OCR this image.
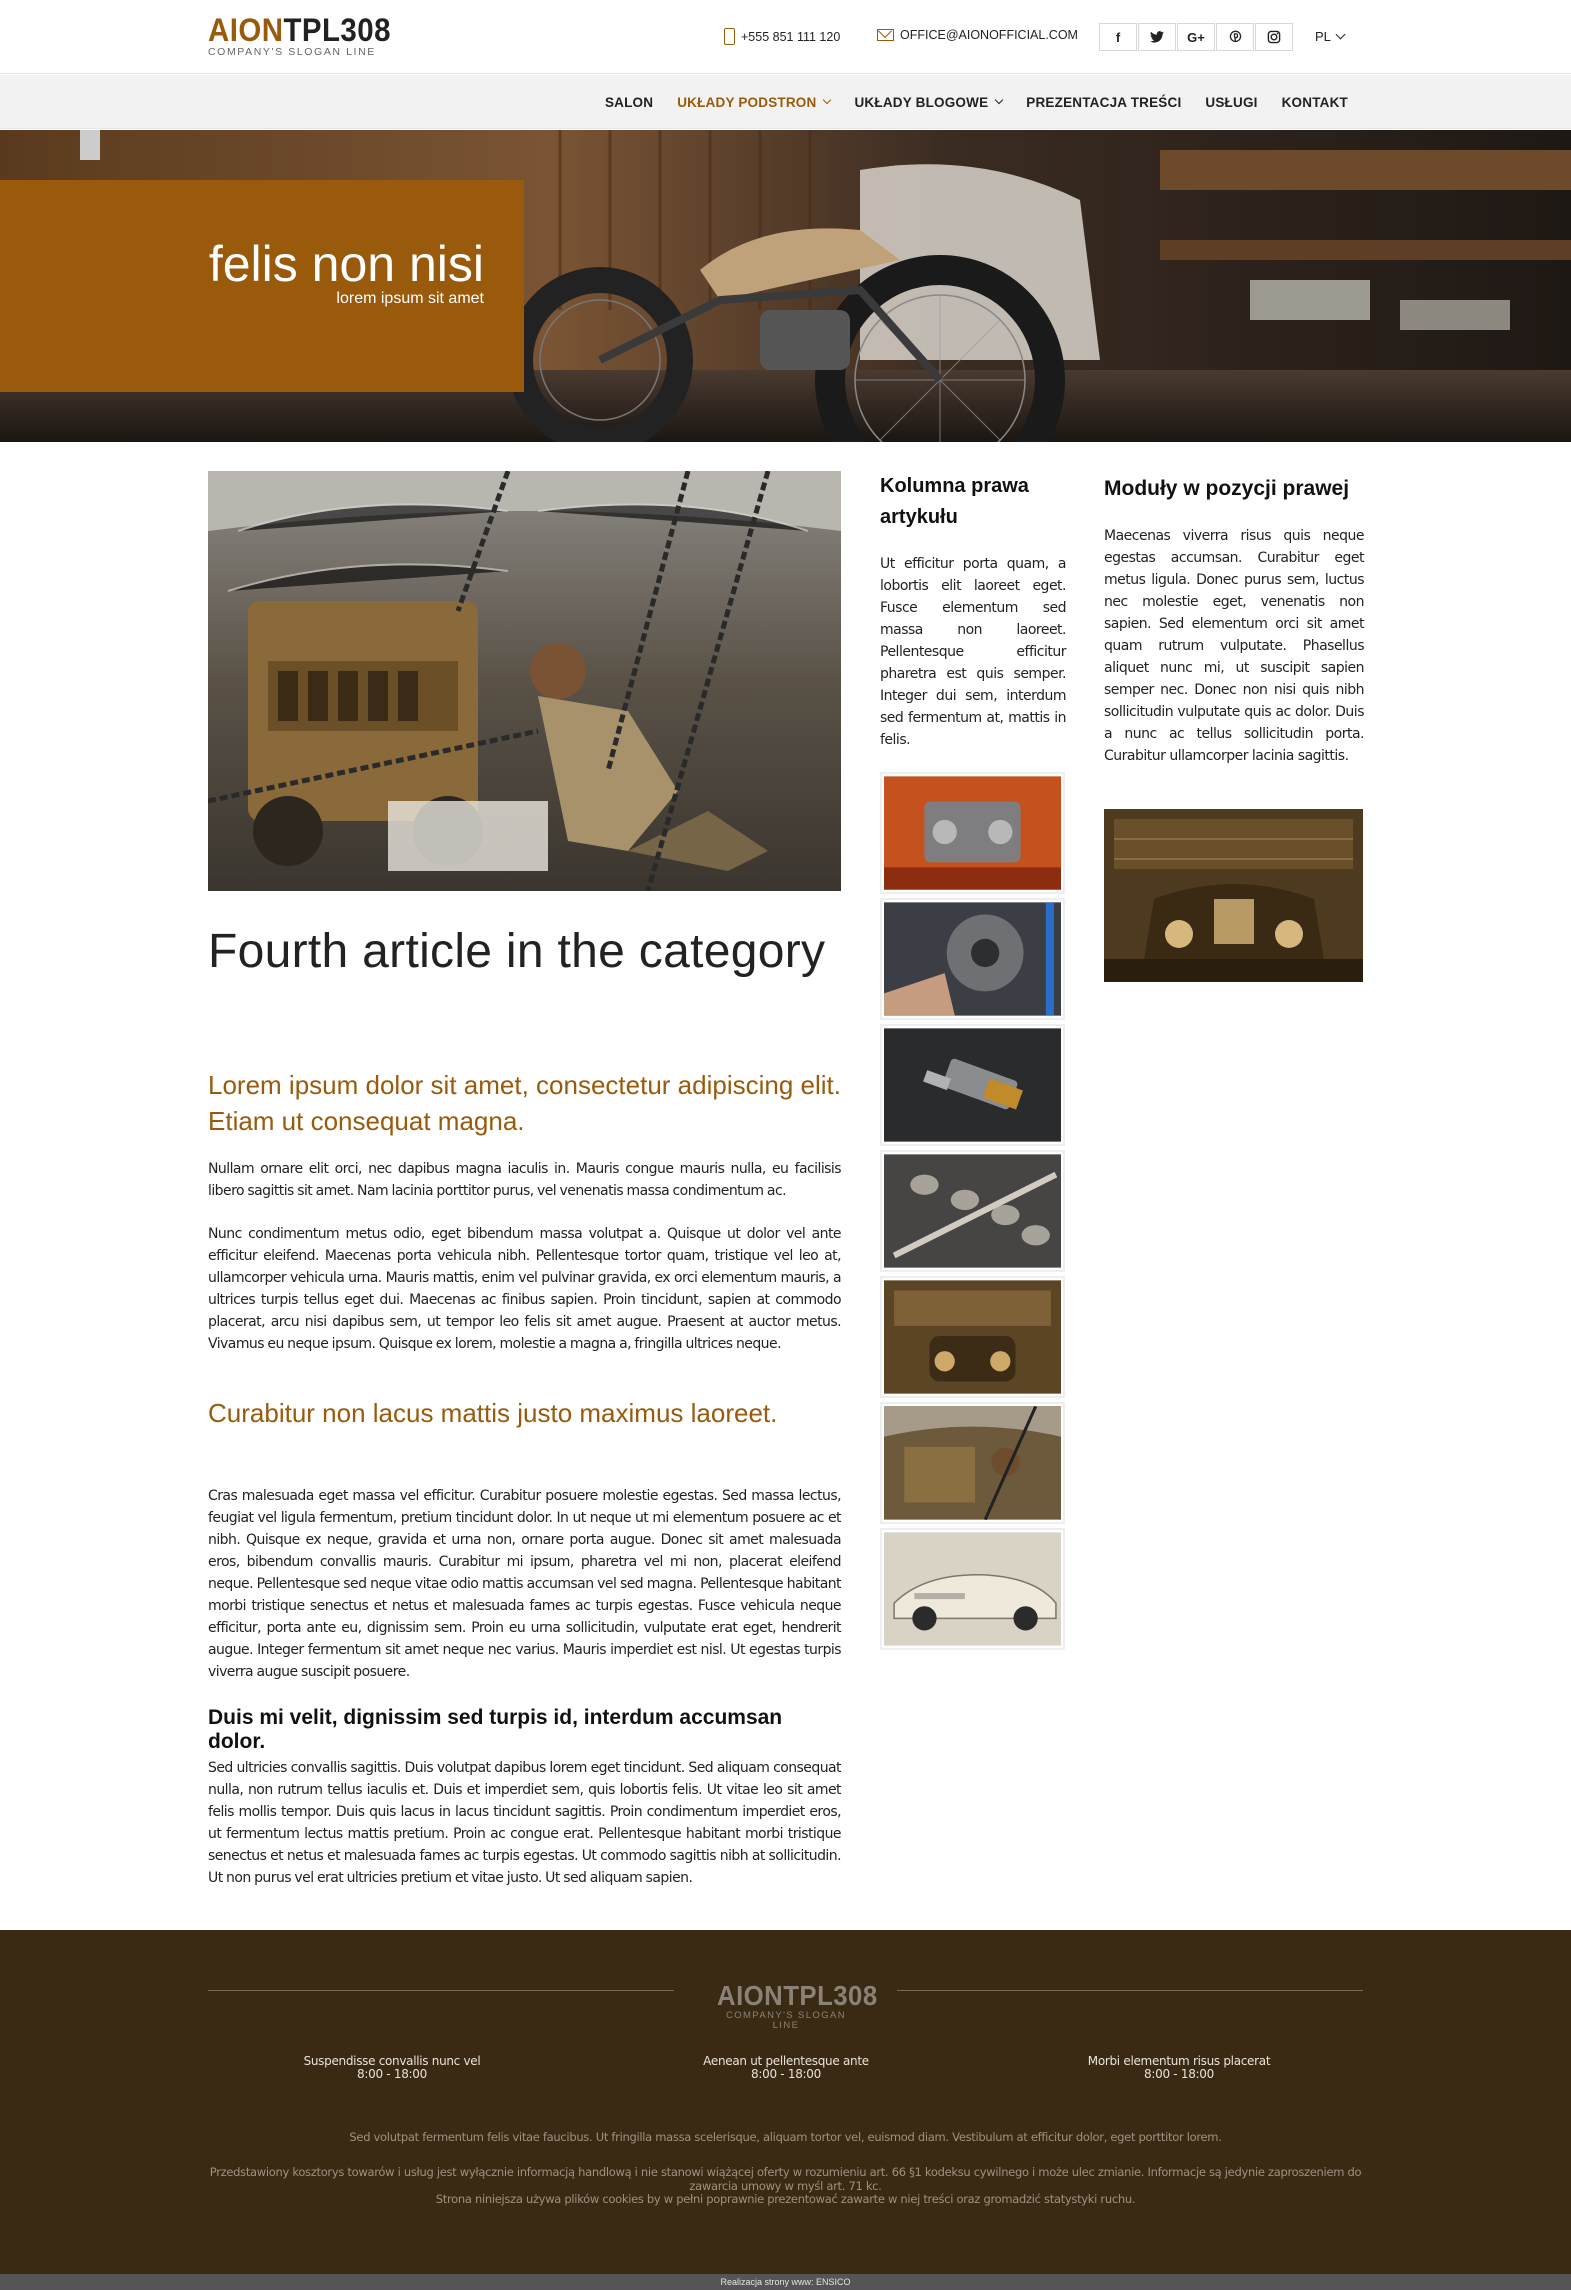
AIONTPL308
COMPANY'S SLOGAN LINE
+555 851 111 120	OFFICE@AIONOFFICIAL.COM	f	G+	PL
SALON UKŁADY PODSTRON	UKŁADY BLOGOWE	PREZENTACJA TREŚCI USŁUGI KONTAKT
felis non nisi
lorem ipsum sit amet
Fourth article in the category

Lorem ipsum dolor sit amet, consectetur adipiscing elit. Etiam ut consequat magna.

Nullam ornare elit orci, nec dapibus magna iaculis in. Mauris congue mauris nulla, eu facilisis libero sagittis sit amet. Nam lacinia porttitor purus, vel venenatis massa condimentum ac.

Nunc condimentum metus odio, eget bibendum massa volutpat a. Quisque ut dolor vel ante efficitur eleifend. Maecenas porta vehicula nibh. Pellentesque tortor quam, tristique vel leo at, ullamcorper vehicula urna. Mauris mattis, enim vel pulvinar gravida, ex orci elementum mauris, a ultrices turpis tellus eget dui. Maecenas ac finibus sapien. Proin tincidunt, sapien at commodo placerat, arcu nisi dapibus sem, ut tempor leo felis sit amet augue. Praesent at auctor metus. Vivamus eu neque ipsum. Quisque ex lorem, molestie a magna a, fringilla ultrices neque.

Curabitur non lacus mattis justo maximus laoreet.

Cras malesuada eget massa vel efficitur. Curabitur posuere molestie egestas. Sed massa lectus, feugiat vel ligula fermentum, pretium tincidunt dolor. In ut neque ut mi elementum posuere ac et nibh. Quisque ex neque, gravida et urna non, ornare porta augue. Donec sit amet malesuada eros, bibendum convallis mauris. Curabitur mi ipsum, pharetra vel mi non, placerat eleifend neque. Pellentesque sed neque vitae odio mattis accumsan vel sed magna. Pellentesque habitant morbi tristique senectus et netus et malesuada fames ac turpis egestas. Fusce vehicula neque efficitur, porta ante eu, dignissim sem. Proin eu urna sollicitudin, vulputate erat eget, hendrerit augue. Integer fermentum sit amet neque nec varius. Mauris imperdiet est nisl. Ut egestas turpis viverra augue suscipit posuere.

Duis mi velit, dignissim sed turpis id, interdum accumsan dolor.

Sed ultricies convallis sagittis. Duis volutpat dapibus lorem eget tincidunt. Sed aliquam consequat nulla, non rutrum tellus iaculis et. Duis et imperdiet sem, quis lobortis felis. Ut vitae leo sit amet felis mollis tempor. Duis quis lacus in lacus tincidunt sagittis. Proin condimentum imperdiet eros, ut fermentum lectus mattis pretium. Proin ac congue erat. Pellentesque habitant morbi tristique senectus et netus et malesuada fames ac turpis egestas. Ut commodo sagittis nibh at sollicitudin. Ut non purus vel erat ultricies pretium et vitae justo. Ut sed aliquam sapien.

Kolumna prawa artykułu

Ut efficitur porta quam, a lobortis elit laoreet eget. Fusce elementum sed massa non laoreet. Pellentesque efficitur pharetra est quis semper. Integer dui sem, interdum sed fermentum at, mattis in felis.

Moduły w pozycji prawej

Maecenas viverra risus quis neque egestas accumsan. Curabitur eget metus ligula. Donec purus sem, luctus nec molestie eget, venenatis non sapien. Sed elementum orci sit amet quam rutrum vulputate. Phasellus aliquet nunc mi, ut suscipit sapien semper nec. Donec non nisi quis nibh sollicitudin vulputate quis ac dolor. Duis a nunc ac tellus sollicitudin porta. Curabitur ullamcorper lacinia sagittis.

AIONTPL308
COMPANY'S SLOGAN LINE
Suspendisse convallis nunc vel
8:00 - 18:00
Aenean ut pellentesque ante
8:00 - 18:00
Morbi elementum risus placerat
8:00 - 18:00

Sed volutpat fermentum felis vitae faucibus. Ut fringilla massa scelerisque, aliquam tortor vel, euismod diam. Vestibulum at efficitur dolor, eget porttitor lorem.

Przedstawiony kosztorys towarów i usług jest wyłącznie informacją handlową i nie stanowi wiążącej oferty w rozumieniu art. 66 §1 kodeksu cywilnego i może ulec zmianie. Informacje są jedynie zaproszeniem do zawarcia umowy w myśl art. 71 kc.

Strona niniejsza używa plików cookies by w pełni poprawnie prezentować zawarte w niej treści oraz gromadzić statystyki ruchu.

Realizacja strony www: ENSICO
